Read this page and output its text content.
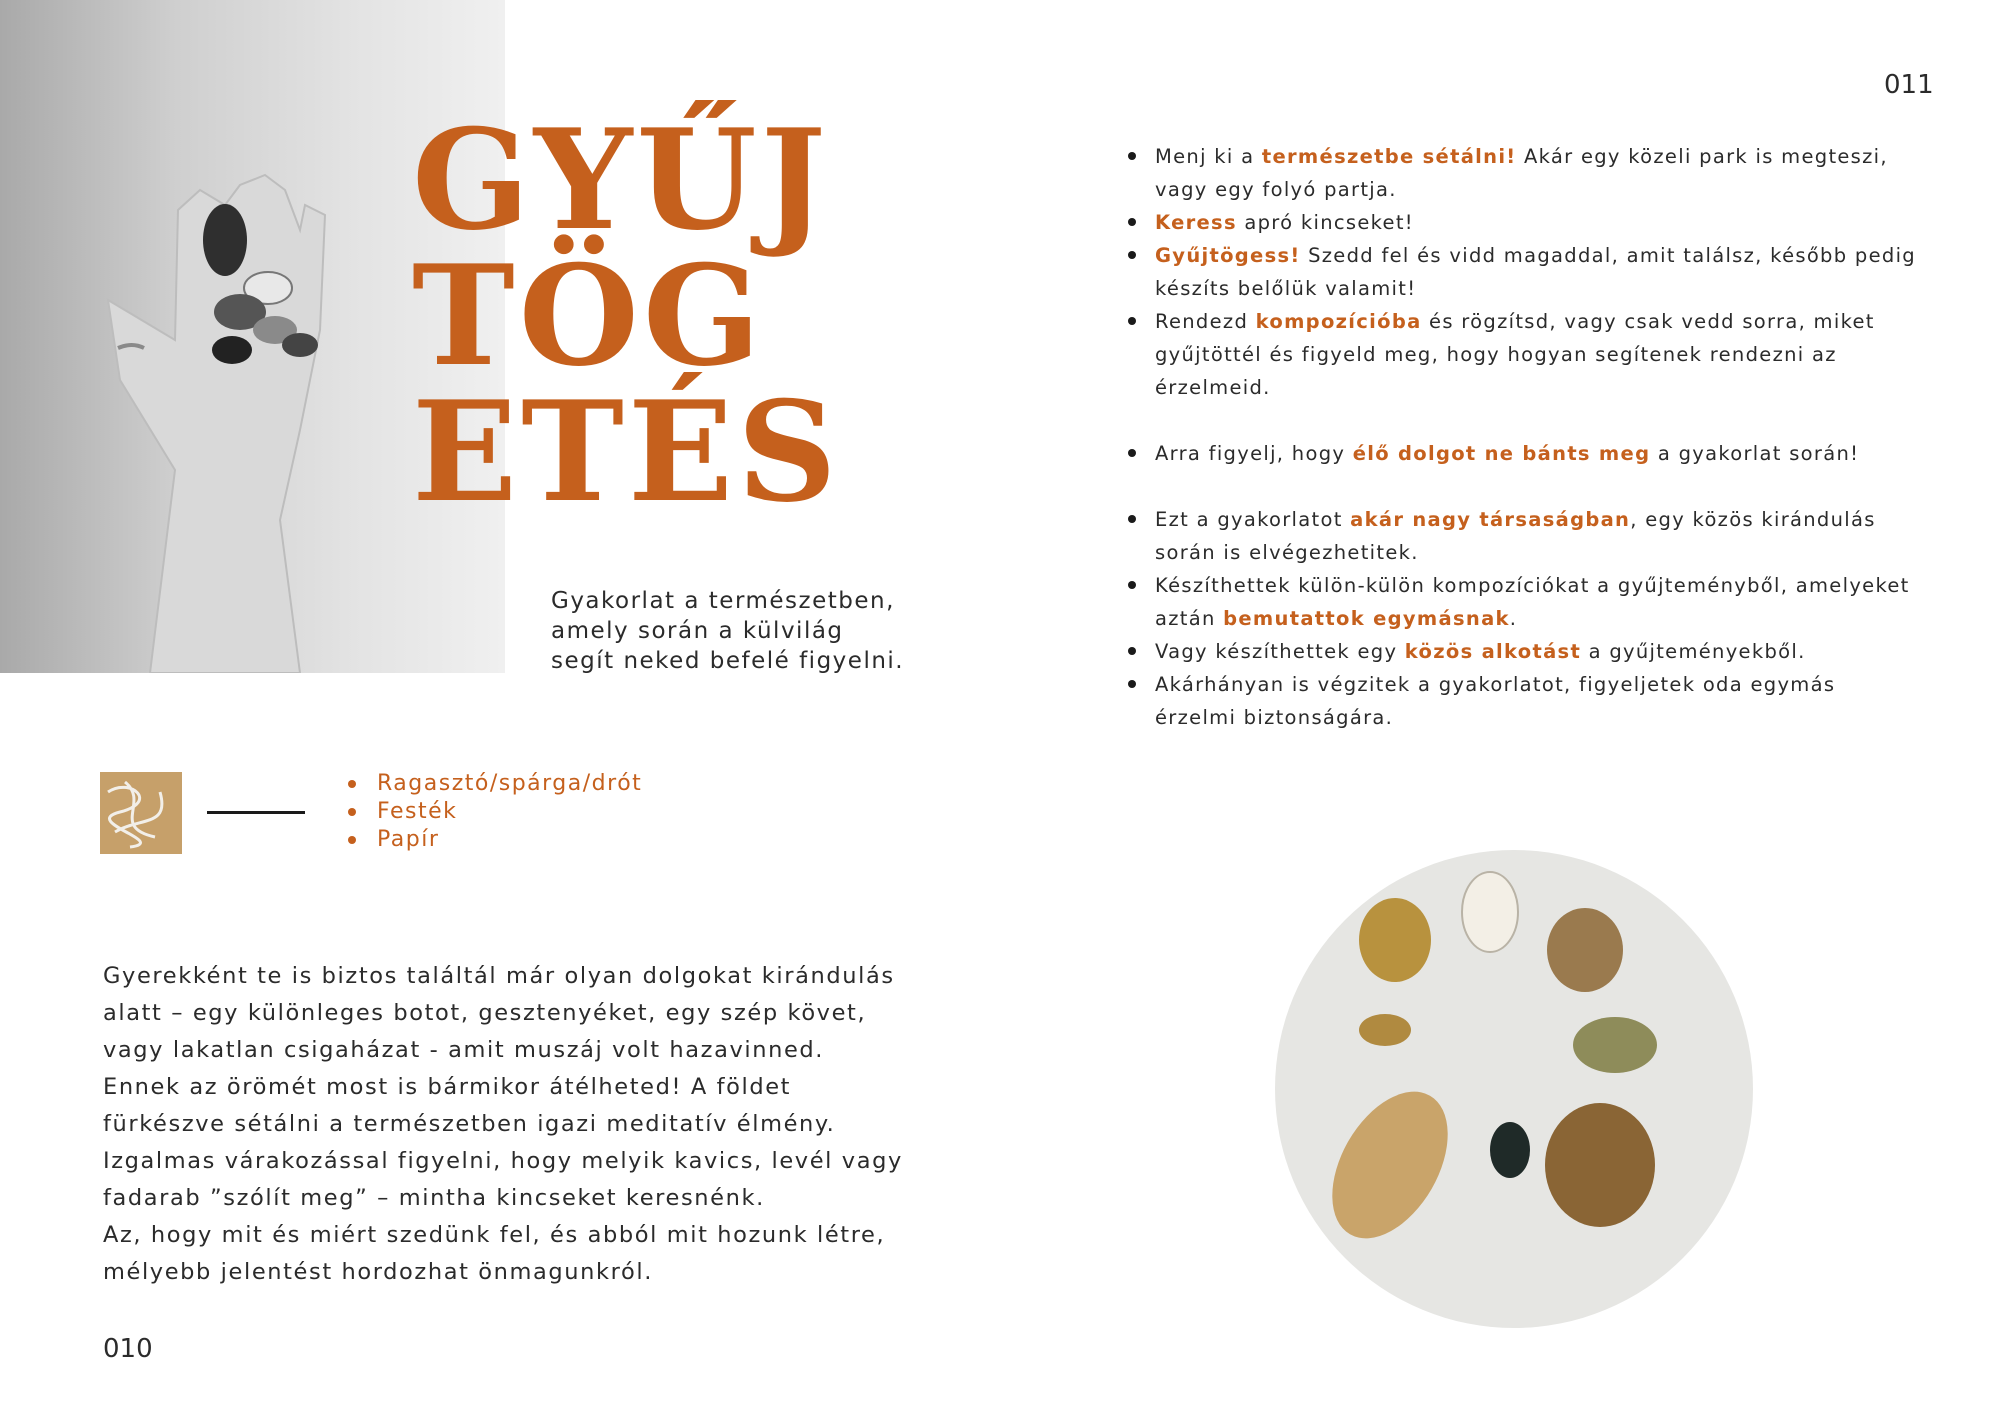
GYŰJ
TÖG
ETÉS

Gyakorlat a természetben, amely során a külvilág segít neked befelé figyelni.

011
Menj ki a természetbe sétálni! Akár egy közeli park is megteszi, vagy egy folyó partja.
Keress apró kincseket!
Gyűjtögess! Szedd fel és vidd magaddal, amit találsz, később pedig készíts belőlük valamit!
Rendezd kompozícióba és rögzítsd, vagy csak vedd sorra, miket gyűjtöttél és figyeld meg, hogy hogyan segítenek rendezni az érzelmeid.
Arra figyelj, hogy élő dolgot ne bánts meg a gyakorlat során!
Ezt a gyakorlatot akár nagy társaságban, egy közös kirándulás során is elvégezhetitek.
Készíthettek külön-külön kompozíciókat a gyűjteményből, amelyeket aztán bemutattok egymásnak.
Vagy készíthettek egy közös alkotást a gyűjteményekből.
Akárhányan is végzitek a gyakorlatot, figyeljetek oda egymás érzelmi biztonságára.
Ragasztó/spárga/drót
Festék
Papír

Gyerekként te is biztos találtál már olyan dolgokat kirándulás alatt – egy különleges botot, gesztenyéket, egy szép követ, vagy lakatlan csigaházat - amit muszáj volt hazavinned. Ennek az örömét most is bármikor átélheted! A földet fürkészve sétálni a természetben igazi meditatív élmény. Izgalmas várakozással figyelni, hogy melyik kavics, levél vagy fadarab ”szólít meg” – mintha kincseket keresnénk.

Az, hogy mit és miért szedünk fel, és abból mit hozunk létre, mélyebb jelentést hordozhat önmagunkról.

010
